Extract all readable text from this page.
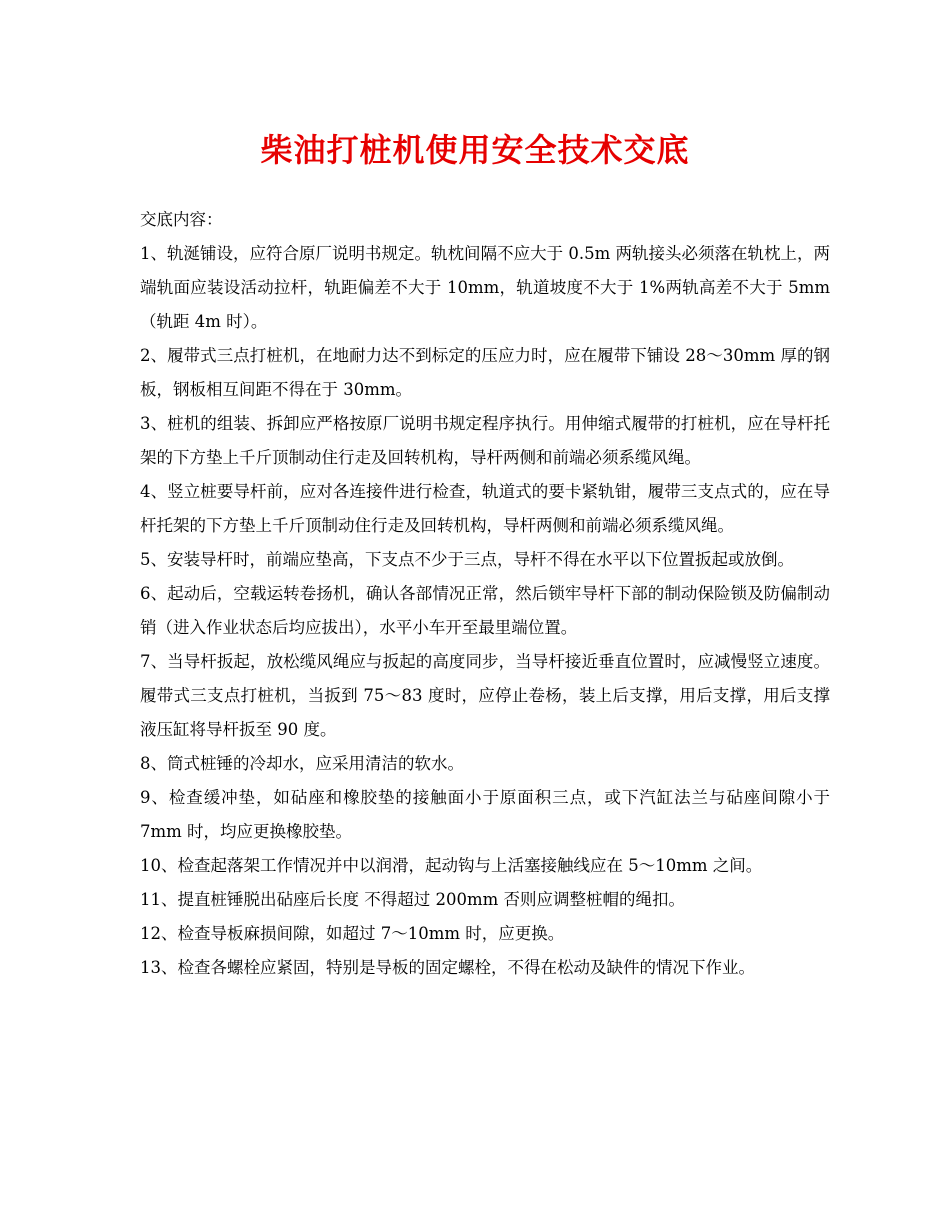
柴油打桩机使用安全技术交底

交底内容：

1、轨涎铺设，应符合原厂说明书规定。轨枕间隔不应大于 0.5m 两轨接头必须落在轨枕上，两端轨面应装设活动拉杆，轨距偏差不大于 10mm，轨道坡度不大于 1%两轨高差不大于 5mm（轨距 4m 时）。

2、履带式三点打桩机，在地耐力达不到标定的压应力时，应在履带下铺设 28～30mm 厚的钢板，钢板相互间距不得在于 30mm。

3、桩机的组装、拆卸应严格按原厂说明书规定程序执行。用伸缩式履带的打桩机，应在导杆托架的下方垫上千斤顶制动住行走及回转机构，导杆两侧和前端必须系缆风绳。

4、竖立桩要导杆前，应对各连接件进行检查，轨道式的要卡紧轨钳，履带三支点式的，应在导杆托架的下方垫上千斤顶制动住行走及回转机构，导杆两侧和前端必须系缆风绳。

5、安装导杆时，前端应垫高，下支点不少于三点，导杆不得在水平以下位置扳起或放倒。

6、起动后，空载运转卷扬机，确认各部情况正常，然后锁牢导杆下部的制动保险锁及防偏制动销（进入作业状态后均应拔出），水平小车开至最里端位置。

7、当导杆扳起，放松缆风绳应与扳起的高度同步，当导杆接近垂直位置时，应减慢竖立速度。履带式三支点打桩机，当扳到 75～83 度时，应停止卷杨，装上后支撑，用后支撑，用后支撑液压缸将导杆扳至 90 度。

8、筒式桩锤的冷却水，应采用清洁的软水。

9、检查缓冲垫，如砧座和橡胶垫的接触面小于原面积三点，或下汽缸法兰与砧座间隙小于 7mm 时，均应更换橡胶垫。

10、检查起落架工作情况并中以润滑，起动钩与上活塞接触线应在 5～10mm 之间。

11、提直桩锤脱出砧座后长度 不得超过 200mm 否则应调整桩帽的绳扣。

12、检查导板麻损间隙，如超过 7～10mm 时，应更换。

13、检查各螺栓应紧固，特别是导板的固定螺栓，不得在松动及缺件的情况下作业。
